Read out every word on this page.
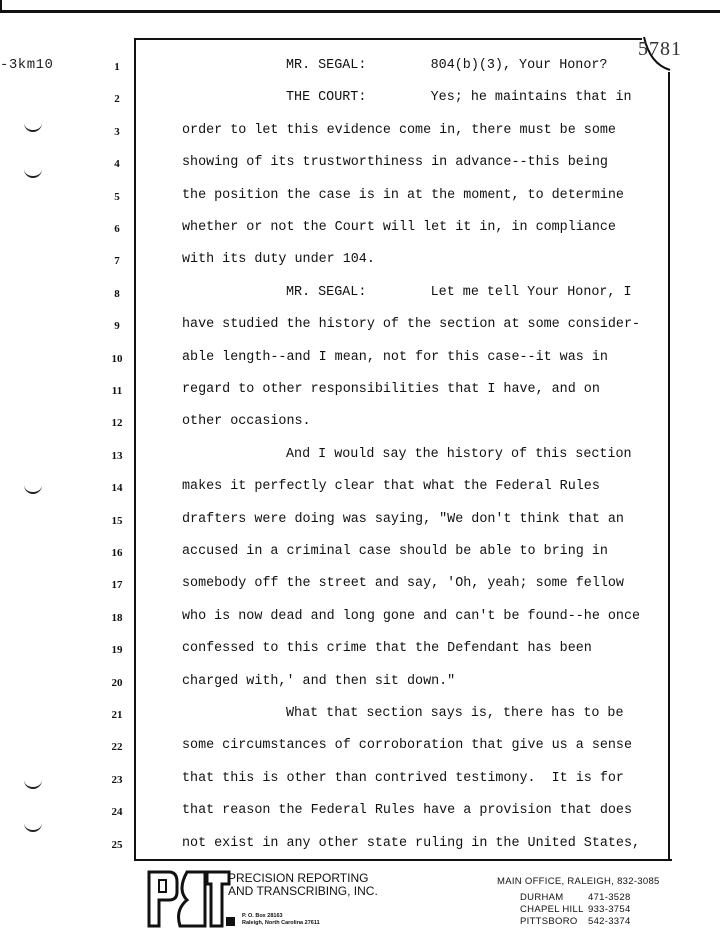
-3km10
5781
1	MR. SEGAL:        804(b)(3), Your Honor?
2	THE COURT:        Yes; he maintains that in
3	order to let this evidence come in, there must be some
4	showing of its trustworthiness in advance--this being
5	the position the case is in at the moment, to determine
6	whether or not the Court will let it in, in compliance
7	with its duty under 104.
8	MR. SEGAL:        Let me tell Your Honor, I
9	have studied the history of the section at some consider-
10	able length--and I mean, not for this case--it was in
11	regard to other responsibilities that I have, and on
12	other occasions.
13	And I would say the history of this section
14	makes it perfectly clear that what the Federal Rules
15	drafters were doing was saying, "We don't think that an
16	accused in a criminal case should be able to bring in
17	somebody off the street and say, 'Oh, yeah; some fellow
18	who is now dead and long gone and can't be found--he once
19	confessed to this crime that the Defendant has been
20	charged with,' and then sit down."
21	What that section says is, there has to be
22	some circumstances of corroboration that give us a sense
23	that this is other than contrived testimony.  It is for
24	that reason the Federal Rules have a provision that does
25	not exist in any other state ruling in the United States,
PRECISION REPORTING
AND TRANSCRIBING, INC.
P. O. Box 28163
Raleigh, North Carolina 27611
MAIN OFFICE, RALEIGH, 832-3085
DURHAM	471-3528
CHAPEL HILL 933-3754
PITTSBORO 542-3374
